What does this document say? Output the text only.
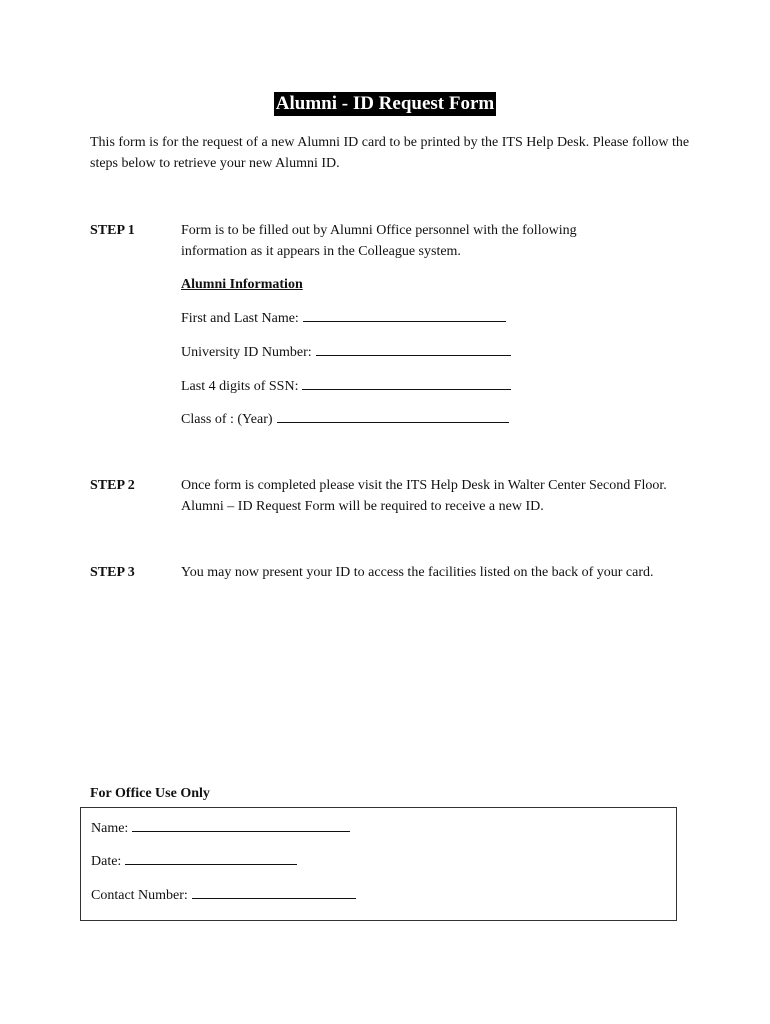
Alumni - ID Request Form

This form is for the request of a new Alumni ID card to be printed by the ITS Help Desk. Please follow the steps below to retrieve your new Alumni ID.

STEP 1	Form is to be filled out by Alumni Office personnel with the following information as it appears in the Colleague system.

Alumni Information
First and Last Name:
University ID Number:
Last 4 digits of SSN:
Class of : (Year)
STEP 2	Once form is completed please visit the ITS Help Desk in Walter Center Second Floor. Alumni – ID Request Form will be required to receive a new ID.

STEP 3	You may now present your ID to access the facilities listed on the back of your card.

For Office Use Only
Name:
Date:
Contact Number:
